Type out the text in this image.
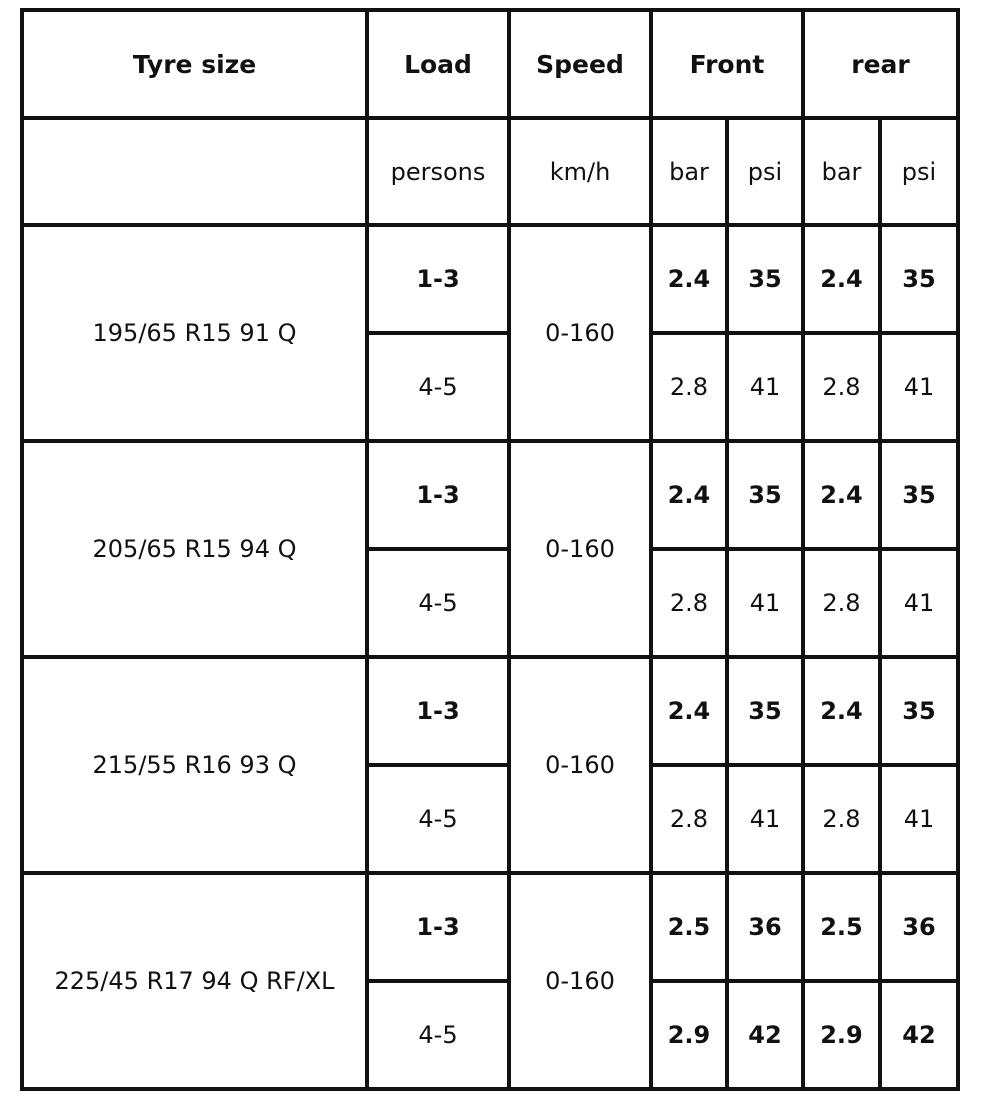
Tyre size	Load	Speed	Front		rear	
	persons	km/h	bar	psi	bar	psi
195/65 R15 91 Q	1-3	0-160	2.4	35	2.4	35
	4-5		2.8	41	2.8	41
205/65 R15 94 Q	1-3	0-160	2.4	35	2.4	35
	4-5		2.8	41	2.8	41
215/55 R16 93 Q	1-3	0-160	2.4	35	2.4	35
	4-5		2.8	41	2.8	41
225/45 R17 94 Q RF/XL	1-3	0-160	2.5	36	2.5	36
	4-5		2.9	42	2.9	42
